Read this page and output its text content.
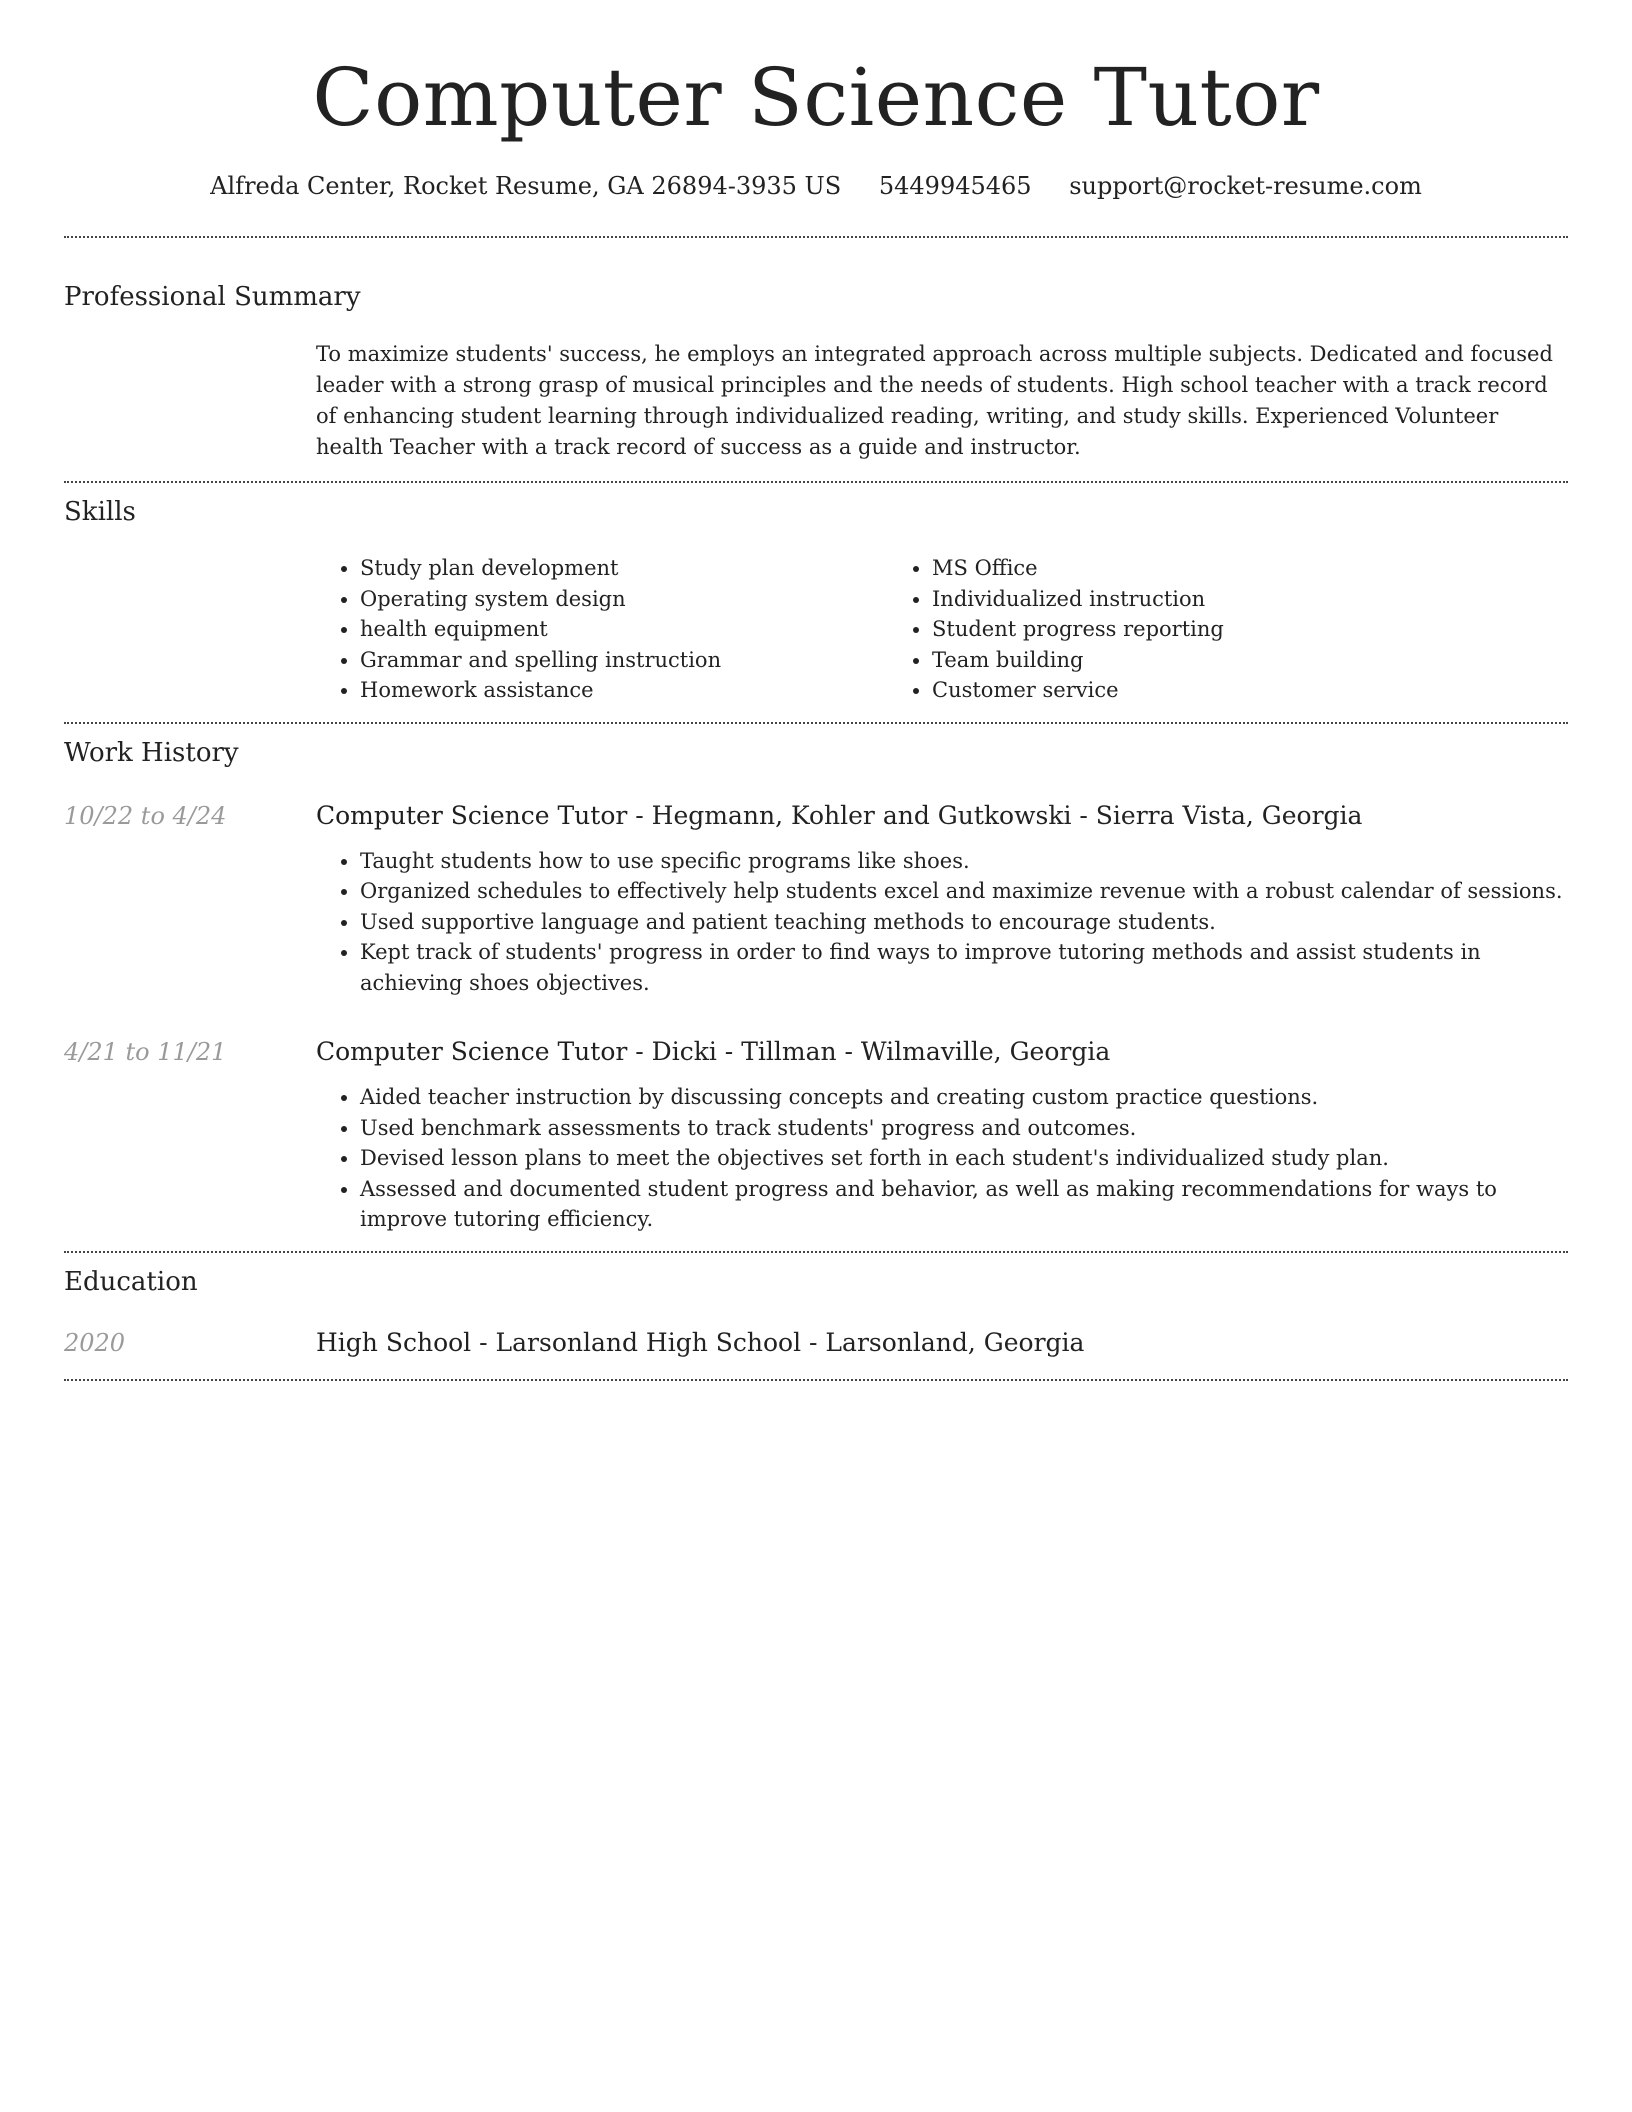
Computer Science Tutor
Alfreda Center, Rocket Resume, GA 26894-3935 US 5449945465 support@rocket-resume.com
Professional Summary

To maximize students' success, he employs an integrated approach across multiple subjects. Dedicated and focused leader with a strong grasp of musical principles and the needs of students. High school teacher with a track record of enhancing student learning through individualized reading, writing, and study skills. Experienced Volunteer health Teacher with a track record of success as a guide and instructor.

Skills
• Study plan development
• Operating system design
• health equipment
• Grammar and spelling instruction
• Homework assistance
• MS Office
• Individualized instruction
• Student progress reporting
• Team building
• Customer service
Work History
10/22 to 4/24	Computer Science Tutor - Hegmann, Kohler and Gutkowski - Sierra Vista, Georgia
• Taught students how to use specific programs like shoes.
• Organized schedules to effectively help students excel and maximize revenue with a robust calendar of sessions.
• Used supportive language and patient teaching methods to encourage students.
• Kept track of students' progress in order to find ways to improve tutoring methods and assist students in achieving shoes objectives.
4/21 to 11/21	Computer Science Tutor - Dicki - Tillman - Wilmaville, Georgia
• Aided teacher instruction by discussing concepts and creating custom practice questions.
• Used benchmark assessments to track students' progress and outcomes.
• Devised lesson plans to meet the objectives set forth in each student's individualized study plan.
• Assessed and documented student progress and behavior, as well as making recommendations for ways to improve tutoring efficiency.
Education
2020	High School - Larsonland High School - Larsonland, Georgia
